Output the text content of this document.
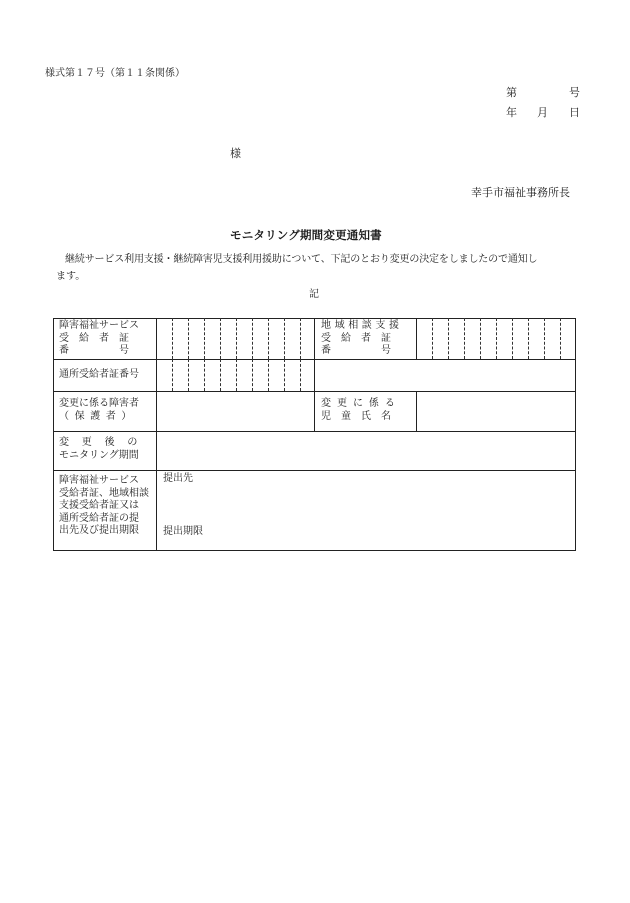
様式第１７号（第１１条関係）
第	号
年 月 日
様
幸手市福祉事務所長
モニタリング期間変更通知書
継続サービス利用支援・継続障害児支援利用援助について、下記のとおり変更の決定をしましたので通知し
ます。
記
障害福祉サービス
受　給　者　証
番　　　　　号
地域相談支援
受　給　者　証
番　　　　　号
通所受給者証番号
変更に係る障害者
（ 保 護 者 ）
変 更 に 係 る
児　童　氏　名
変　更　後　の
モニタリング期間
障害福祉サービス
受給者証、地域相談
支援受給者証又は
通所受給者証の提
出先及び提出期限
提出先
提出期限
